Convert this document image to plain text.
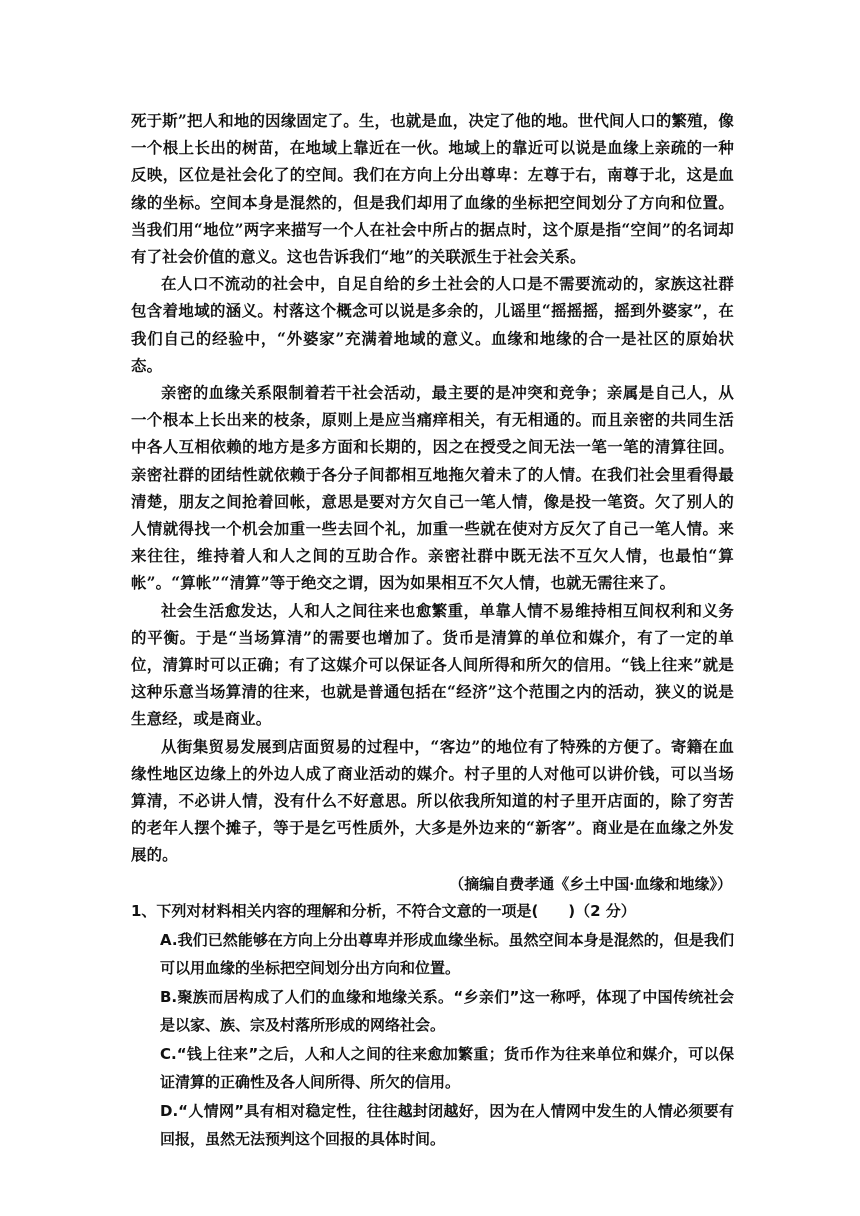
死于斯”把人和地的因缘固定了。生，也就是血，决定了他的地。世代间人口的繁殖，像一个根上长出的树苗，在地域上靠近在一伙。地域上的靠近可以说是血缘上亲疏的一种反映，区位是社会化了的空间。我们在方向上分出尊卑：左尊于右，南尊于北，这是血缘的坐标。空间本身是混然的，但是我们却用了血缘的坐标把空间划分了方向和位置。当我们用“地位”两字来描写一个人在社会中所占的据点时，这个原是指“空间”的名词却有了社会价值的意义。这也告诉我们“地”的关联派生于社会关系。

在人口不流动的社会中，自足自给的乡土社会的人口是不需要流动的，家族这社群包含着地域的涵义。村落这个概念可以说是多余的，儿谣里“摇摇摇，摇到外婆家”，在我们自己的经验中，“外婆家”充满着地域的意义。血缘和地缘的合一是社区的原始状态。

亲密的血缘关系限制着若干社会活动，最主要的是冲突和竞争；亲属是自己人，从一个根本上长出来的枝条，原则上是应当痛痒相关，有无相通的。而且亲密的共同生活中各人互相依赖的地方是多方面和长期的，因之在授受之间无法一笔一笔的清算往回。亲密社群的团结性就依赖于各分子间都相互地拖欠着未了的人情。在我们社会里看得最清楚，朋友之间抢着回帐，意思是要对方欠自己一笔人情，像是投一笔资。欠了别人的人情就得找一个机会加重一些去回个礼，加重一些就在使对方反欠了自己一笔人情。来来往往，维持着人和人之间的互助合作。亲密社群中既无法不互欠人情，也最怕“算帐”。“算帐”“清算”等于绝交之谓，因为如果相互不欠人情，也就无需往来了。

社会生活愈发达，人和人之间往来也愈繁重，单靠人情不易维持相互间权利和义务的平衡。于是“当场算清”的需要也增加了。货币是清算的单位和媒介，有了一定的单位，清算时可以正确；有了这媒介可以保证各人间所得和所欠的信用。“钱上往来”就是这种乐意当场算清的往来，也就是普通包括在“经济”这个范围之内的活动，狭义的说是生意经，或是商业。

从街集贸易发展到店面贸易的过程中，“客边”的地位有了特殊的方便了。寄籍在血缘性地区边缘上的外边人成了商业活动的媒介。村子里的人对他可以讲价钱，可以当场算清，不必讲人情，没有什么不好意思。所以依我所知道的村子里开店面的，除了穷苦的老年人摆个摊子，等于是乞丐性质外，大多是外边来的“新客”。商业是在血缘之外发展的。

（摘编自费孝通《乡土中国·血缘和地缘》）

1、下列对材料相关内容的理解和分析，不符合文意的一项是(　　)（2 分）

A.我们已然能够在方向上分出尊卑并形成血缘坐标。虽然空间本身是混然的，但是我们可以用血缘的坐标把空间划分出方向和位置。
B.聚族而居构成了人们的血缘和地缘关系。“乡亲们”这一称呼，体现了中国传统社会是以家、族、宗及村落所形成的网络社会。
C.“钱上往来”之后，人和人之间的往来愈加繁重；货币作为往来单位和媒介，可以保证清算的正确性及各人间所得、所欠的信用。
D.“人情网”具有相对稳定性，往往越封闭越好，因为在人情网中发生的人情必须要有回报，虽然无法预判这个回报的具体时间。
